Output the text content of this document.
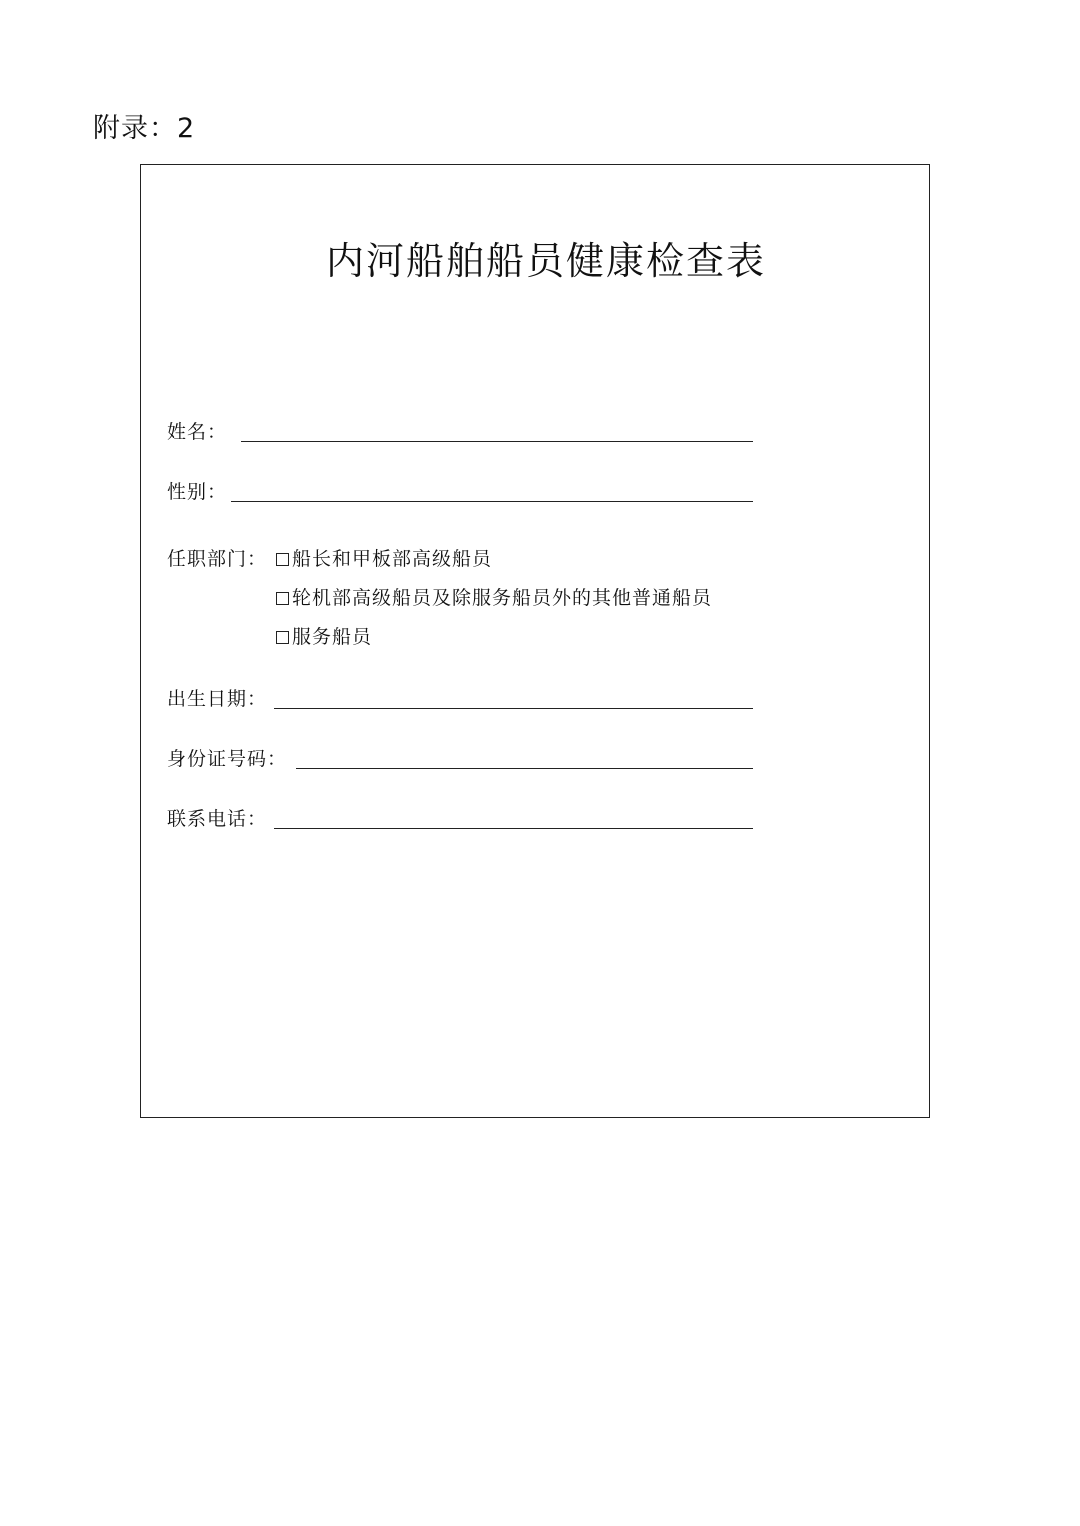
附录：2
内河船舶船员健康检查表
姓名：
性别：
任职部门：	船长和甲板部高级船员
轮机部高级船员及除服务船员外的其他普通船员
服务船员
出生日期：
身份证号码：
联系电话：
